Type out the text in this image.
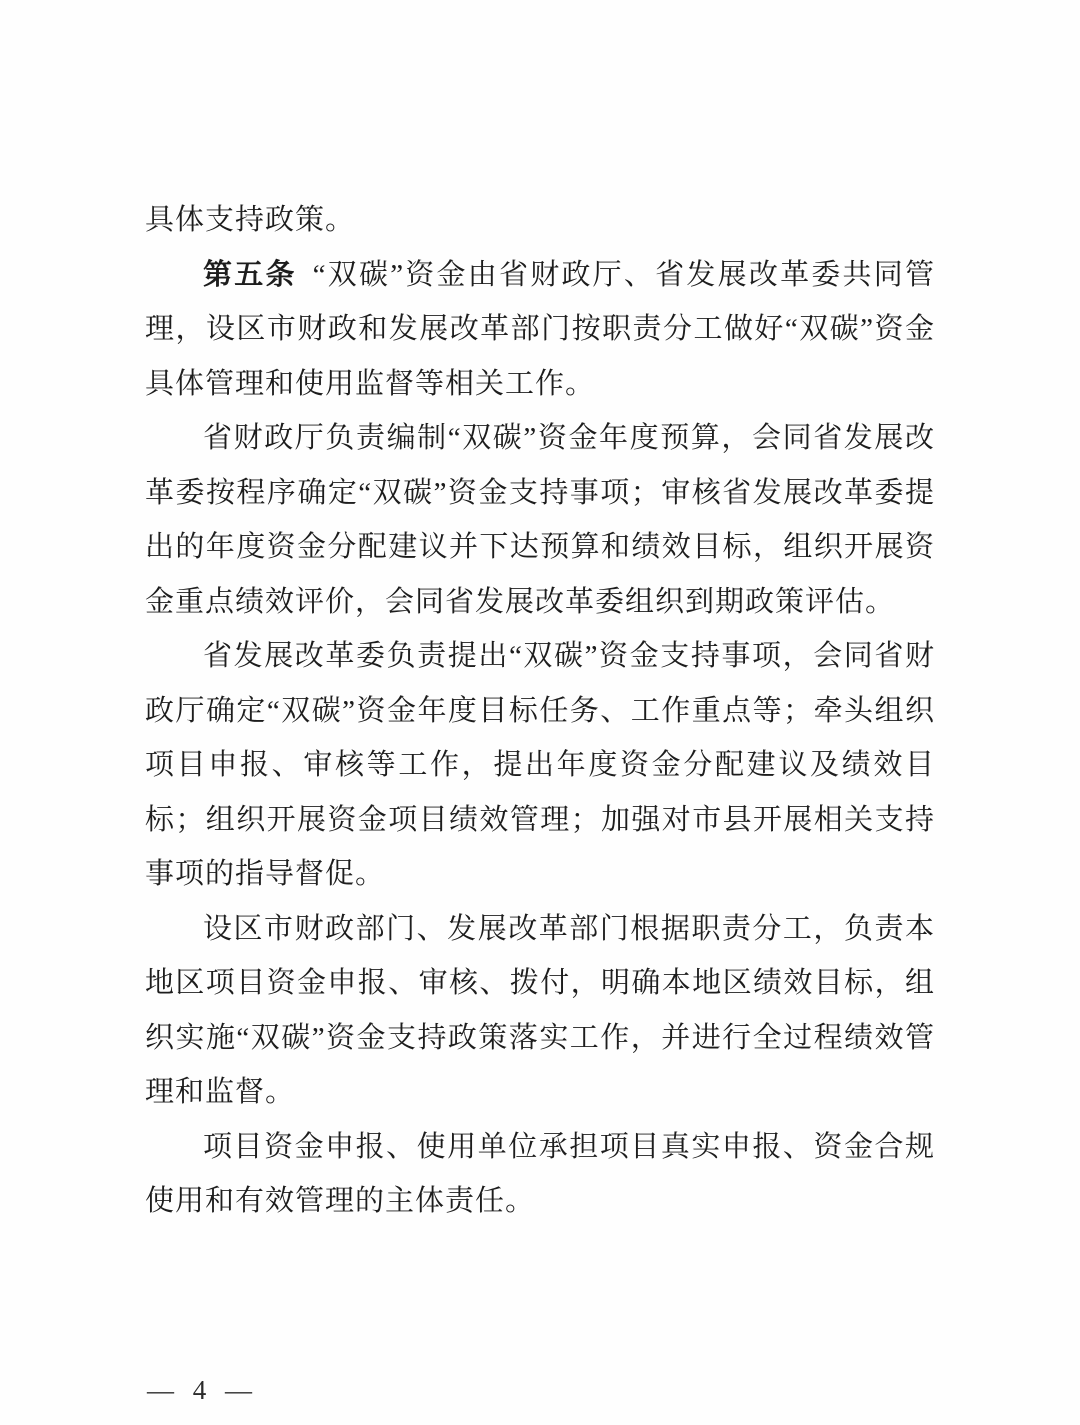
具体支持政策。

第五条 “双碳”资金由省财政厅、省发展改革委共同管理，设区市财政和发展改革部门按职责分工做好“双碳”资金具体管理和使用监督等相关工作。

省财政厅负责编制“双碳”资金年度预算，会同省发展改革委按程序确定“双碳”资金支持事项；审核省发展改革委提出的年度资金分配建议并下达预算和绩效目标，组织开展资金重点绩效评价，会同省发展改革委组织到期政策评估。

省发展改革委负责提出“双碳”资金支持事项，会同省财政厅确定“双碳”资金年度目标任务、工作重点等；牵头组织项目申报、审核等工作，提出年度资金分配建议及绩效目标；组织开展资金项目绩效管理；加强对市县开展相关支持事项的指导督促。

设区市财政部门、发展改革部门根据职责分工，负责本地区项目资金申报、审核、拨付，明确本地区绩效目标，组织实施“双碳”资金支持政策落实工作，并进行全过程绩效管理和监督。

项目资金申报、使用单位承担项目真实申报、资金合规使用和有效管理的主体责任。

— 4 —
